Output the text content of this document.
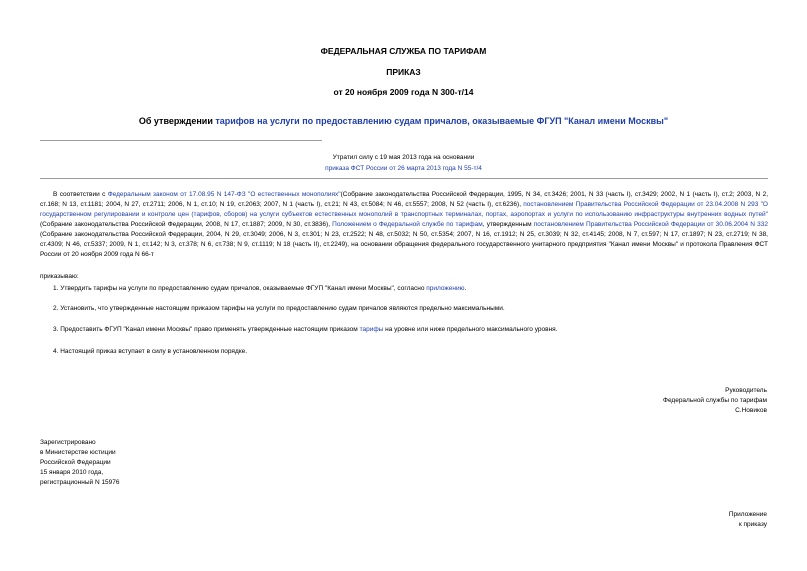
ФЕДЕРАЛЬНАЯ СЛУЖБА ПО ТАРИФАМ
ПРИКАЗ
от 20 ноября 2009 года N 300-т/14
Об утверждении тарифов на услуги по предоставлению судам причалов, оказываемые ФГУП "Канал имени Москвы"
Утратил силу с 19 мая 2013 года на основании
приказа ФСТ России от 26 марта 2013 года N 55-т/4
В соответствии с Федеральным законом от 17.08.95 N 147-ФЗ "О естественных монополиях"(Собрание законодательства Российской Федерации, 1995, N 34, ст.3426; 2001, N 33 (часть I), ст.3429; 2002, N 1 (часть I), ст.2; 2003, N 2, ст.168; N 13, ст.1181; 2004, N 27, ст.2711; 2006, N 1, ст.10; N 19, ст.2063; 2007, N 1 (часть I), ст.21; N 43, ст.5084; N 46, ст.5557; 2008, N 52 (часть I), ст.6236), постановлением Правительства Российской Федерации от 23.04.2008 N 293 "О государственном регулировании и контроле цен (тарифов, сборов) на услуги субъектов естественных монополий в транспортных терминалах, портах, аэропортах и услуги по использованию инфраструктуры внутренних водных путей" (Собрание законодательства Российской Федерации, 2008, N 17, ст.1887; 2009, N 30, ст.3836), Положением о Федеральной службе по тарифам, утвержденным постановлением Правительства Российской Федерации от 30.06.2004 N 332 (Собрание законодательства Российской Федерации, 2004, N 29, ст.3049; 2006, N 3, ст.301; N 23, ст.2522; N 48, ст.5032; N 50, ст.5354; 2007, N 16, ст.1912; N 25, ст.3039; N 32, ст.4145; 2008, N 7, ст.597; N 17, ст.1897; N 23, ст.2719; N 38, ст.4309; N 46, ст.5337; 2009, N 1, ст.142; N 3, ст.378; N 6, ст.738; N 9, ст.1119; N 18 (часть II), ст.2249), на основании обращения федерального государственного унитарного предприятия "Канал имени Москвы" и протокола Правления ФСТ России от 20 ноября 2009 года N 66-т
приказываю:
1. Утвердить тарифы на услуги по предоставлению судам причалов, оказываемые ФГУП "Канал имени Москвы", согласно приложению.
2. Установить, что утвержденные настоящим приказом тарифы на услуги по предоставлению судам причалов являются предельно максимальными.
3. Предоставить ФГУП "Канал имени Москвы" право применять утвержденные настоящим приказом тарифы на уровне или ниже предельного максимального уровня.
4. Настоящий приказ вступает в силу в установленном порядке.
Руководитель
Федеральной службы по тарифам
С.Новиков
Зарегистрировано
в Министерстве юстиции
Российской Федерации
15 января 2010 года,
регистрационный N 15976
Приложение
к приказу
